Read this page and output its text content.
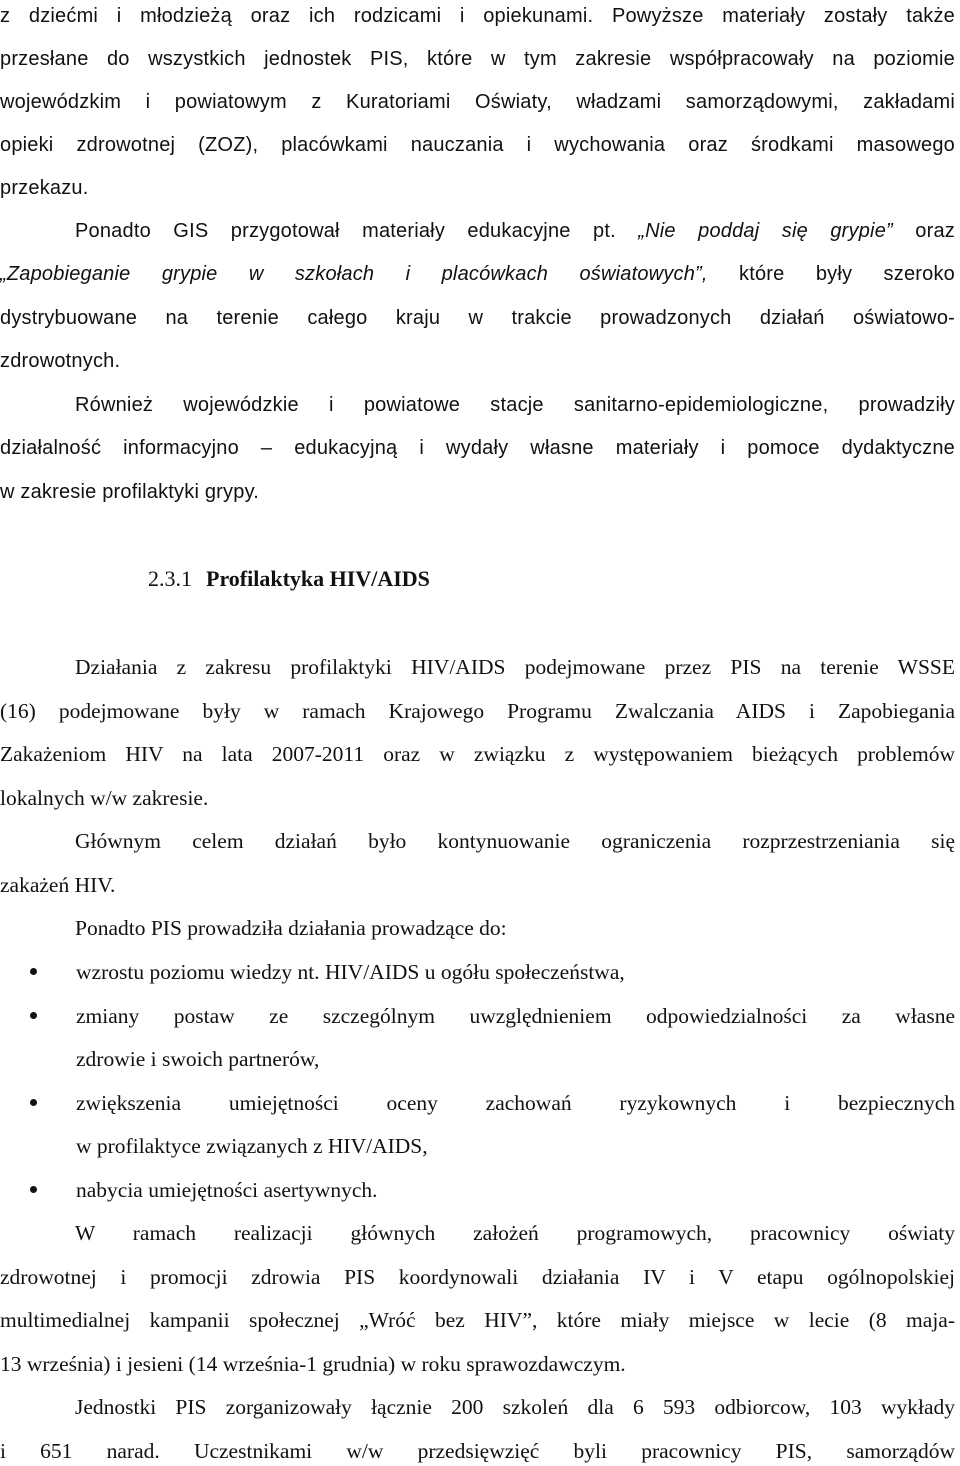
z dziećmi i młodzieżą oraz ich rodzicami i opiekunami. Powyższe materiały zostały także
przesłane do wszystkich jednostek PIS, które w tym zakresie współpracowały na poziomie
wojewódzkim i powiatowym z Kuratoriami Oświaty, władzami samorządowymi, zakładami
opieki zdrowotnej (ZOZ), placówkami nauczania i wychowania oraz środkami masowego
przekazu.
Ponadto GIS przygotował materiały edukacyjne pt. „Nie poddaj się grypie” oraz
„Zapobieganie grypie w szkołach i placówkach oświatowych”, które były szeroko
dystrybuowane na terenie całego kraju w trakcie prowadzonych działań oświatowo-
zdrowotnych.
Również wojewódzkie i powiatowe stacje sanitarno-epidemiologiczne, prowadziły
działalność informacyjno – edukacyjną i wydały własne materiały i pomoce dydaktyczne
w zakresie profilaktyki grypy.
2.3.1 Profilaktyka HIV/AIDS
Działania z zakresu profilaktyki HIV/AIDS podejmowane przez PIS na terenie WSSE
(16) podejmowane były w ramach Krajowego Programu Zwalczania AIDS i Zapobiegania
Zakażeniom HIV na lata 2007-2011 oraz w związku z występowaniem bieżących problemów
lokalnych w/w zakresie.
Głównym celem działań było kontynuowanie ograniczenia rozprzestrzeniania się
zakażeń HIV.
Ponadto PIS prowadziła działania prowadzące do:
wzrostu poziomu wiedzy nt. HIV/AIDS u ogółu społeczeństwa,
zmiany postaw ze szczególnym uwzględnieniem odpowiedzialności za własne
zdrowie i swoich partnerów,
zwiększenia umiejętności oceny zachowań ryzykownych i bezpiecznych
w profilaktyce związanych z HIV/AIDS,
nabycia umiejętności asertywnych.
W ramach realizacji głównych założeń programowych, pracownicy oświaty
zdrowotnej i promocji zdrowia PIS koordynowali działania IV i V etapu ogólnopolskiej
multimedialnej kampanii społecznej „Wróć bez HIV”, które miały miejsce w lecie (8 maja-
13 września) i jesieni (14 września-1 grudnia) w roku sprawozdawczym.
Jednostki PIS zorganizowały łącznie 200 szkoleń dla 6 593 odbiorcow, 103 wykłady
i 651 narad. Uczestnikami w/w przedsięwzięć byli pracownicy PIS, samorządów
